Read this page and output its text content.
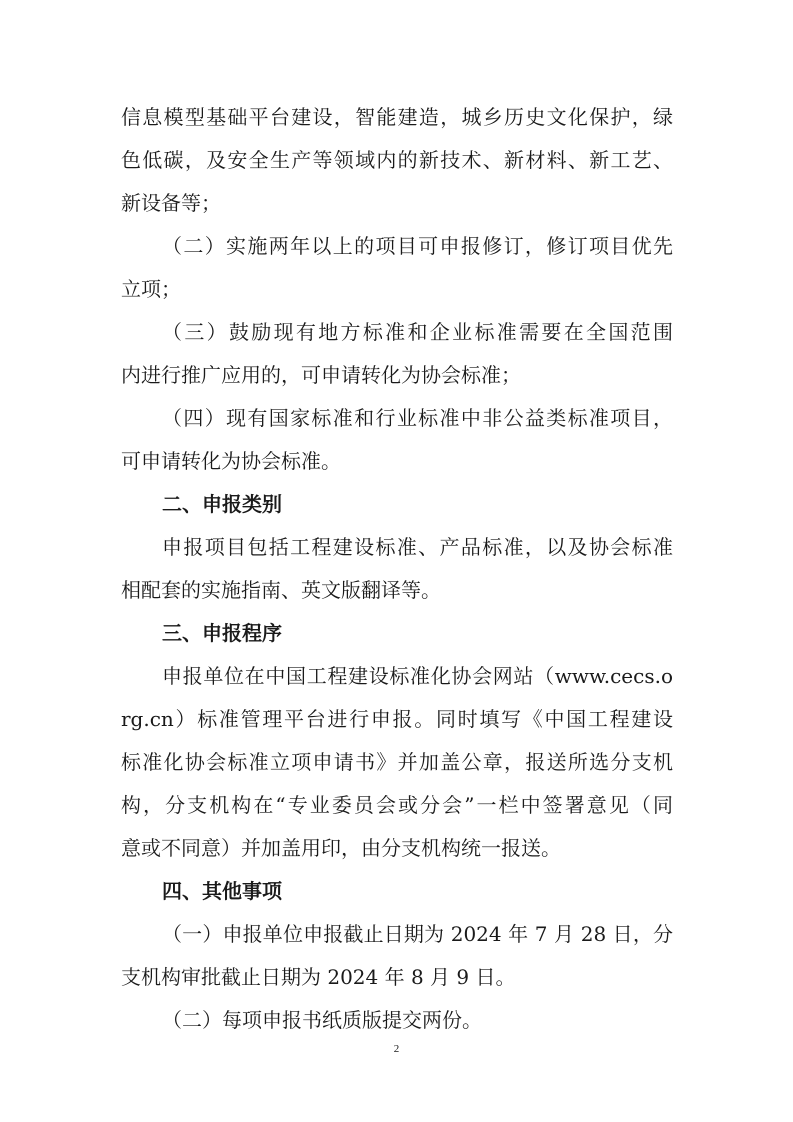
信息模型基础平台建设，智能建造，城乡历史文化保护，绿
色低碳，及安全生产等领域内的新技术、新材料、新工艺、
新设备等；
（二）实施两年以上的项目可申报修订，修订项目优先
立项；
（三）鼓励现有地方标准和企业标准需要在全国范围
内进行推广应用的，可申请转化为协会标准；
（四）现有国家标准和行业标准中非公益类标准项目，
可申请转化为协会标准。
二、申报类别
申报项目包括工程建设标准、产品标准，以及协会标准
相配套的实施指南、英文版翻译等。
三、申报程序
申报单位在中国工程建设标准化协会网站（www.cecs.o
rg.cn）标准管理平台进行申报。同时填写《中国工程建设
标准化协会标准立项申请书》并加盖公章，报送所选分支机
构，分支机构在“专业委员会或分会”一栏中签署意见（同
意或不同意）并加盖用印，由分支机构统一报送。
四、其他事项
（一）申报单位申报截止日期为 2024 年 7 月 28 日，分
支机构审批截止日期为 2024 年 8 月 9 日。
（二）每项申报书纸质版提交两份。
2
